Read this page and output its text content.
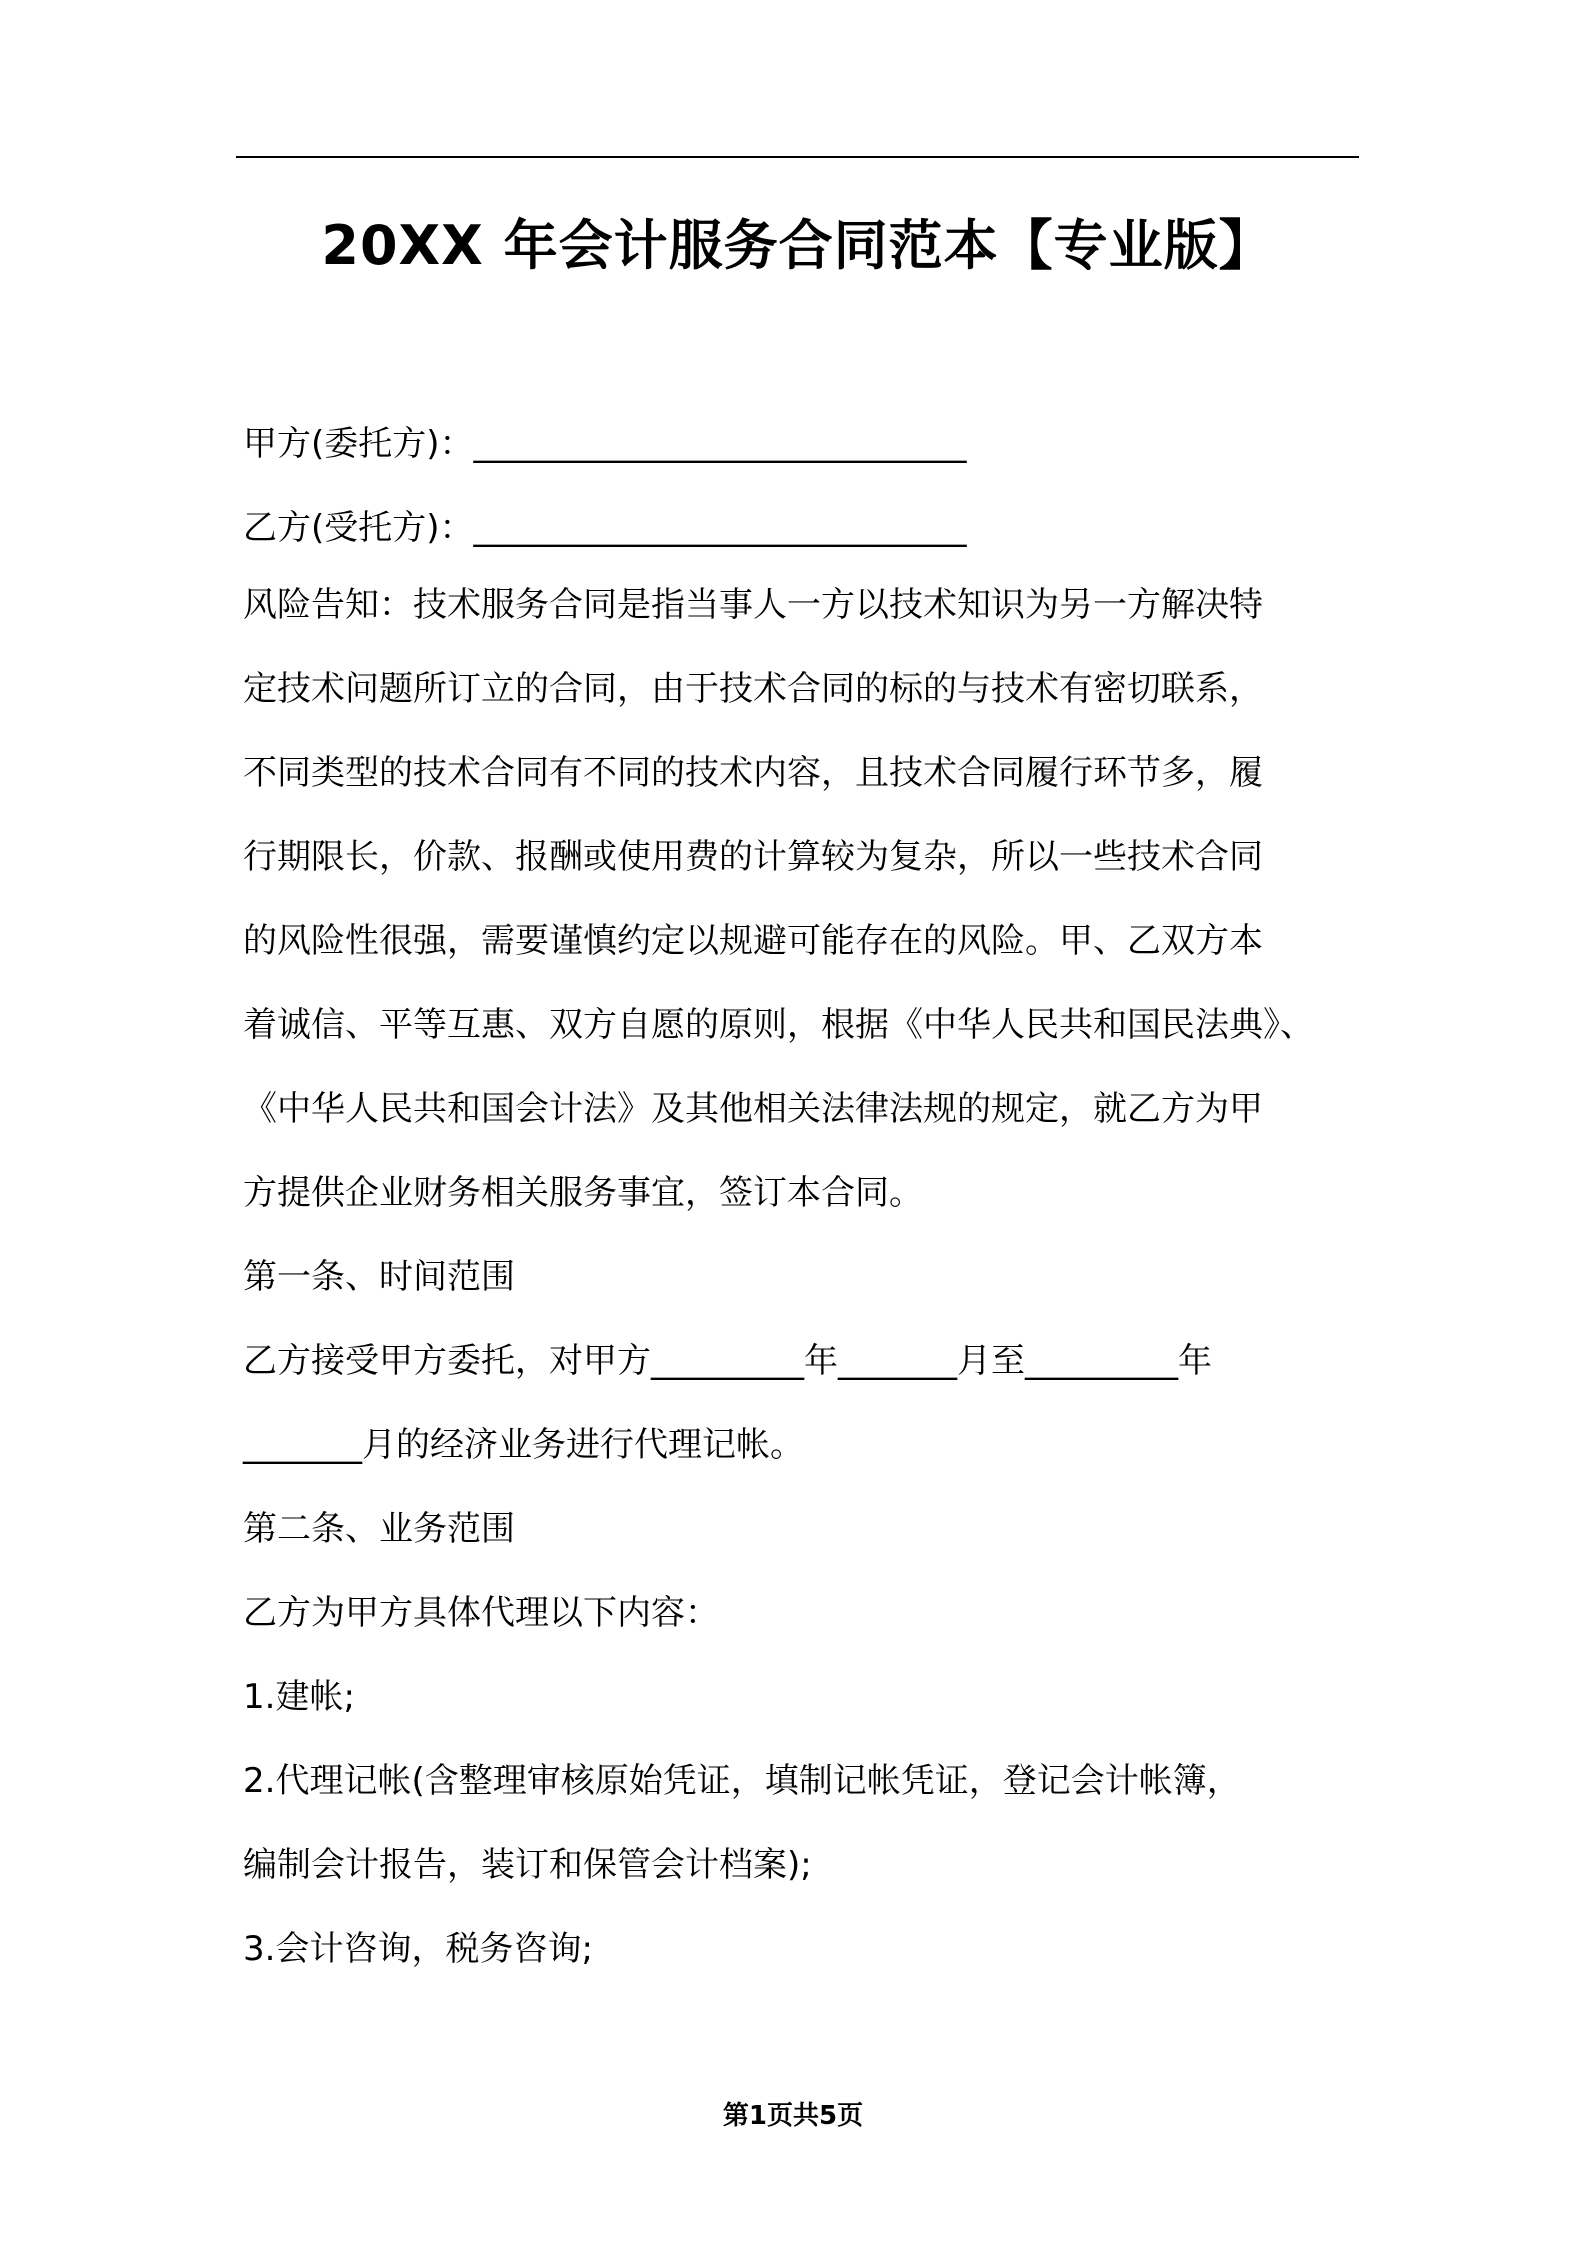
20XX 年会计服务合同范本【专业版】
甲方(委托方)：_____________________________
乙方(受托方)：_____________________________
风险告知：技术服务合同是指当事人一方以技术知识为另一方解决特
定技术问题所订立的合同，由于技术合同的标的与技术有密切联系，
不同类型的技术合同有不同的技术内容，且技术合同履行环节多，履
行期限长，价款、报酬或使用费的计算较为复杂，所以一些技术合同
的风险性很强，需要谨慎约定以规避可能存在的风险。甲、乙双方本
着诚信、平等互惠、双方自愿的原则，根据《中华人民共和国民法典》、
《中华人民共和国会计法》及其他相关法律法规的规定，就乙方为甲
方提供企业财务相关服务事宜，签订本合同。
第一条、时间范围
乙方接受甲方委托，对甲方_________年_______月至_________年
_______月的经济业务进行代理记帐。
第二条、业务范围
乙方为甲方具体代理以下内容：
1.建帐;
2.代理记帐(含整理审核原始凭证，填制记帐凭证，登记会计帐簿，
编制会计报告，装订和保管会计档案);
3.会计咨询，税务咨询;
第1页共5页
